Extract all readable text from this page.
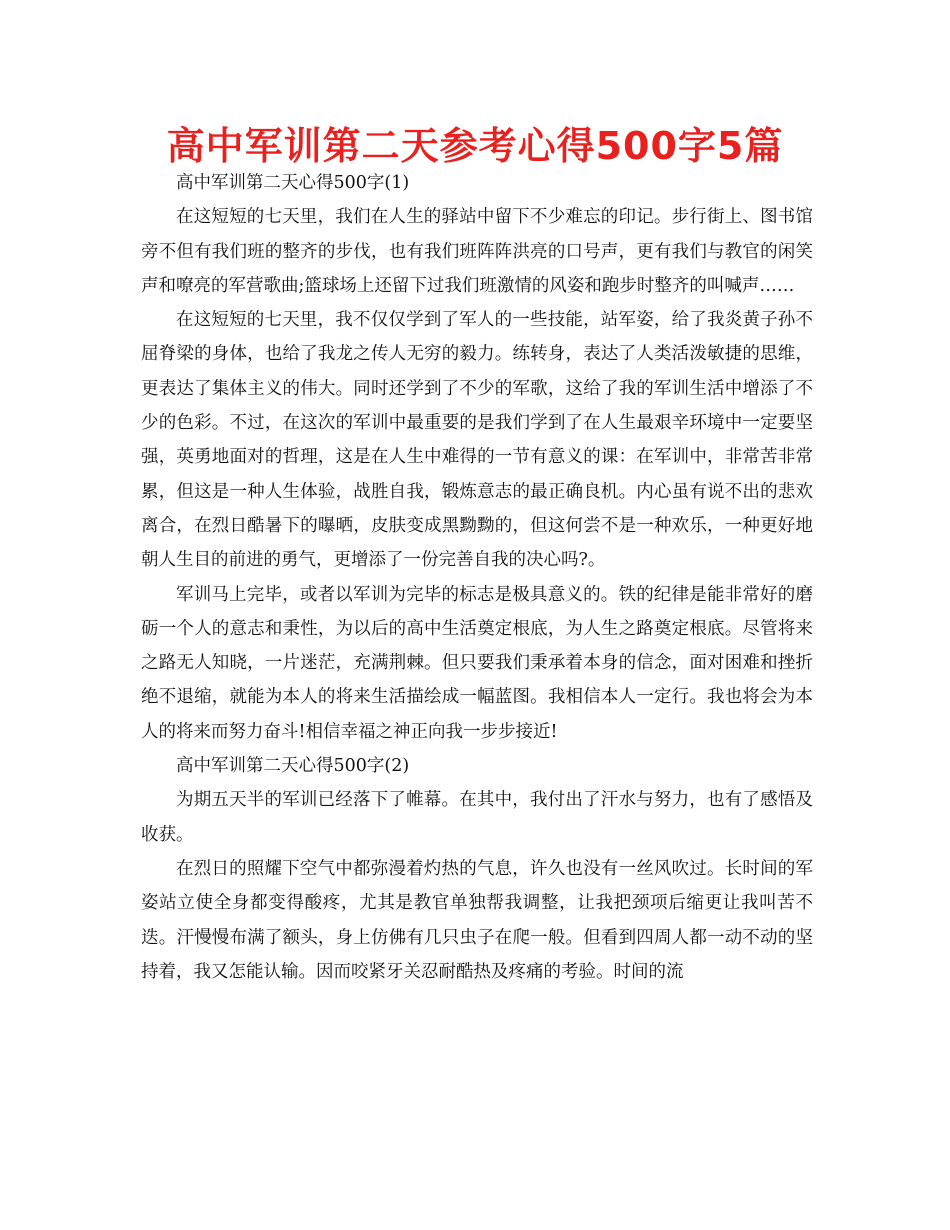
高中军训第二天参考心得500字5篇

高中军训第二天心得500字(1)

在这短短的七天里，我们在人生的驿站中留下不少难忘的印记。步行街上、图书馆旁不但有我们班的整齐的步伐，也有我们班阵阵洪亮的口号声，更有我们与教官的闲笑声和嘹亮的军营歌曲;篮球场上还留下过我们班激情的风姿和跑步时整齐的叫喊声……

在这短短的七天里，我不仅仅学到了军人的一些技能，站军姿，给了我炎黄子孙不屈脊梁的身体，也给了我龙之传人无穷的毅力。练转身，表达了人类活泼敏捷的思维，更表达了集体主义的伟大。同时还学到了不少的军歌，这给了我的军训生活中增添了不少的色彩。不过，在这次的军训中最重要的是我们学到了在人生最艰辛环境中一定要坚强，英勇地面对的哲理，这是在人生中难得的一节有意义的课：在军训中，非常苦非常累，但这是一种人生体验，战胜自我，锻炼意志的最正确良机。内心虽有说不出的悲欢离合，在烈日酷暑下的曝晒，皮肤变成黑黝黝的，但这何尝不是一种欢乐，一种更好地朝人生目的前进的勇气，更增添了一份完善自我的决心吗?。

军训马上完毕，或者以军训为完毕的标志是极具意义的。铁的纪律是能非常好的磨砺一个人的意志和秉性，为以后的高中生活奠定根底，为人生之路奠定根底。尽管将来之路无人知晓，一片迷茫，充满荆棘。但只要我们秉承着本身的信念，面对困难和挫折绝不退缩，就能为本人的将来生活描绘成一幅蓝图。我相信本人一定行。我也将会为本人的将来而努力奋斗!相信幸福之神正向我一步步接近!

高中军训第二天心得500字(2)

为期五天半的军训已经落下了帷幕。在其中，我付出了汗水与努力，也有了感悟及收获。

在烈日的照耀下空气中都弥漫着灼热的气息，许久也没有一丝风吹过。长时间的军姿站立使全身都变得酸疼，尤其是教官单独帮我调整，让我把颈项后缩更让我叫苦不迭。汗慢慢布满了额头，身上仿佛有几只虫子在爬一般。但看到四周人都一动不动的坚持着，我又怎能认输。因而咬紧牙关忍耐酷热及疼痛的考验。时间的流
